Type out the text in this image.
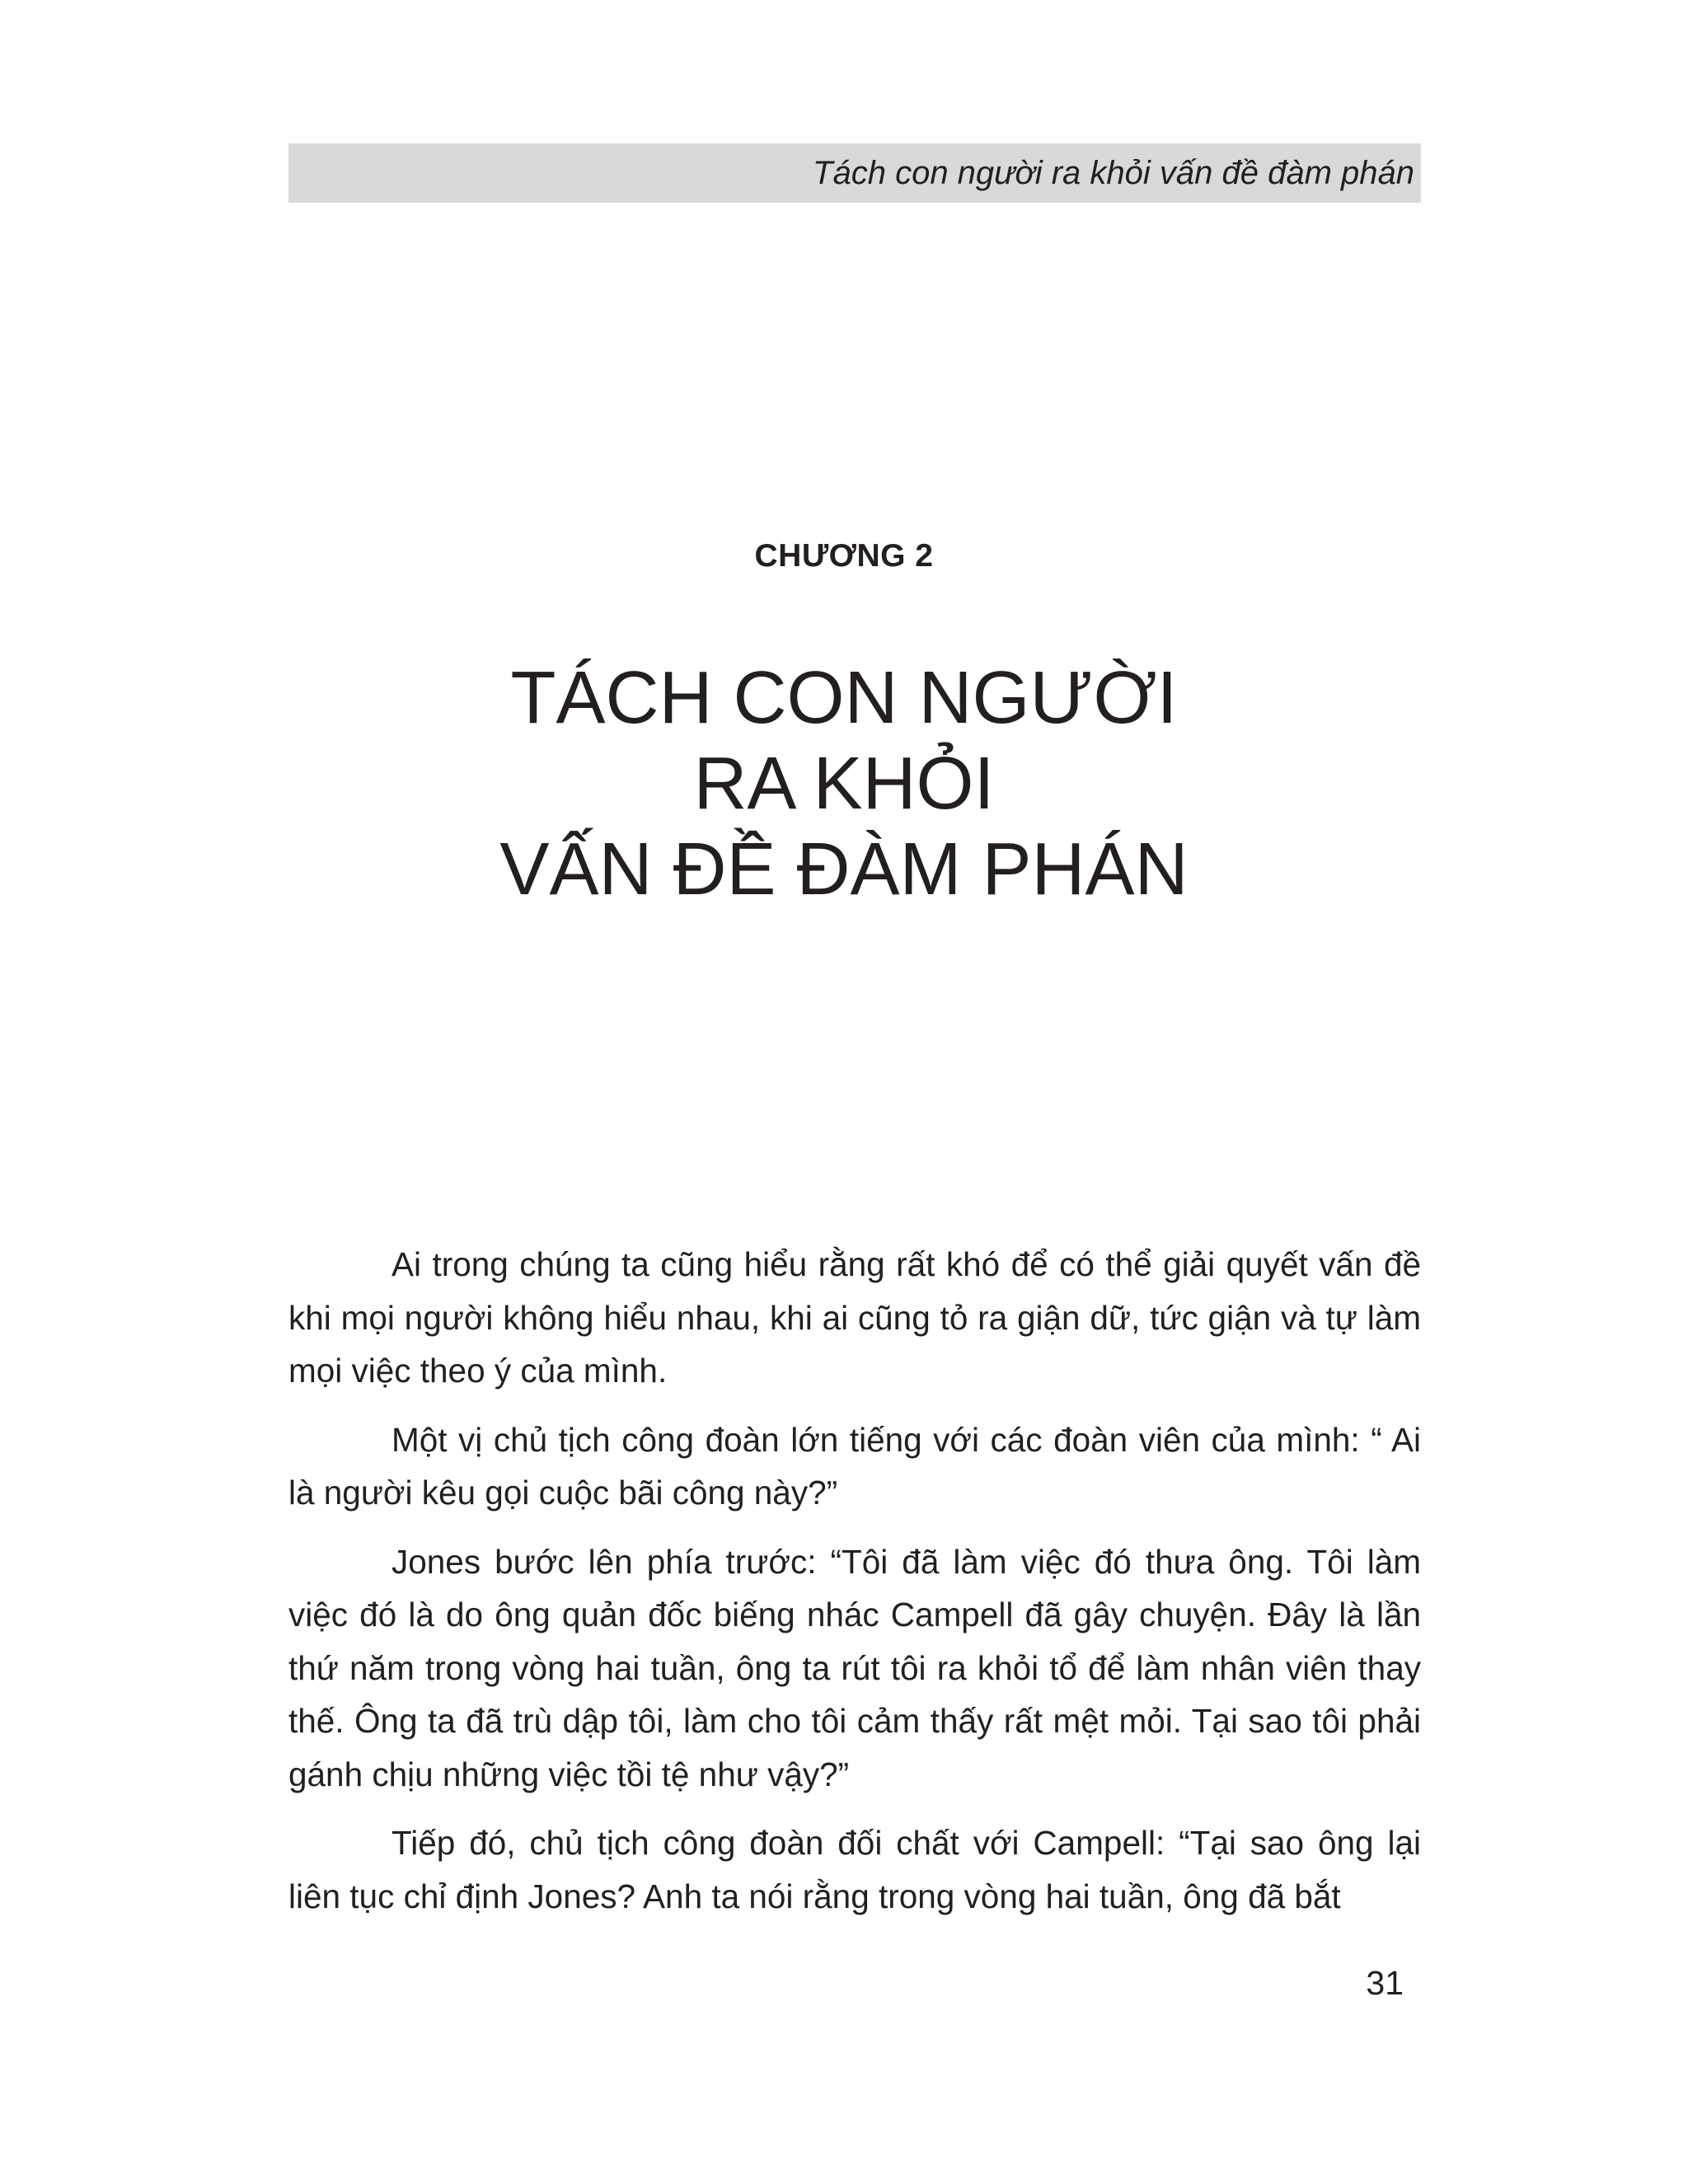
Tách con người ra khỏi vấn đề đàm phán
CHƯƠNG 2
TÁCH CON NGƯỜI
RA KHỎI
VẤN ĐỀ ĐÀM PHÁN

Ai trong chúng ta cũng hiểu rằng rất khó để có thể giải quyết vấn đề khi mọi người không hiểu nhau, khi ai cũng tỏ ra giận dữ, tức giận và tự làm mọi việc theo ý của mình.

Một vị chủ tịch công đoàn lớn tiếng với các đoàn viên của mình: “ Ai là người kêu gọi cuộc bãi công này?”

Jones bước lên phía trước: “Tôi đã làm việc đó thưa ông. Tôi làm việc đó là do ông quản đốc biếng nhác Campell đã gây chuyện. Đây là lần thứ năm trong vòng hai tuần, ông ta rút tôi ra khỏi tổ để làm nhân viên thay thế. Ông ta đã trù dập tôi, làm cho tôi cảm thấy rất mệt mỏi. Tại sao tôi phải gánh chịu những việc tồi tệ như vậy?”

Tiếp đó, chủ tịch công đoàn đối chất với Campell: “Tại sao ông lại liên tục chỉ định Jones? Anh ta nói rằng trong vòng hai tuần, ông đã bắt

31
